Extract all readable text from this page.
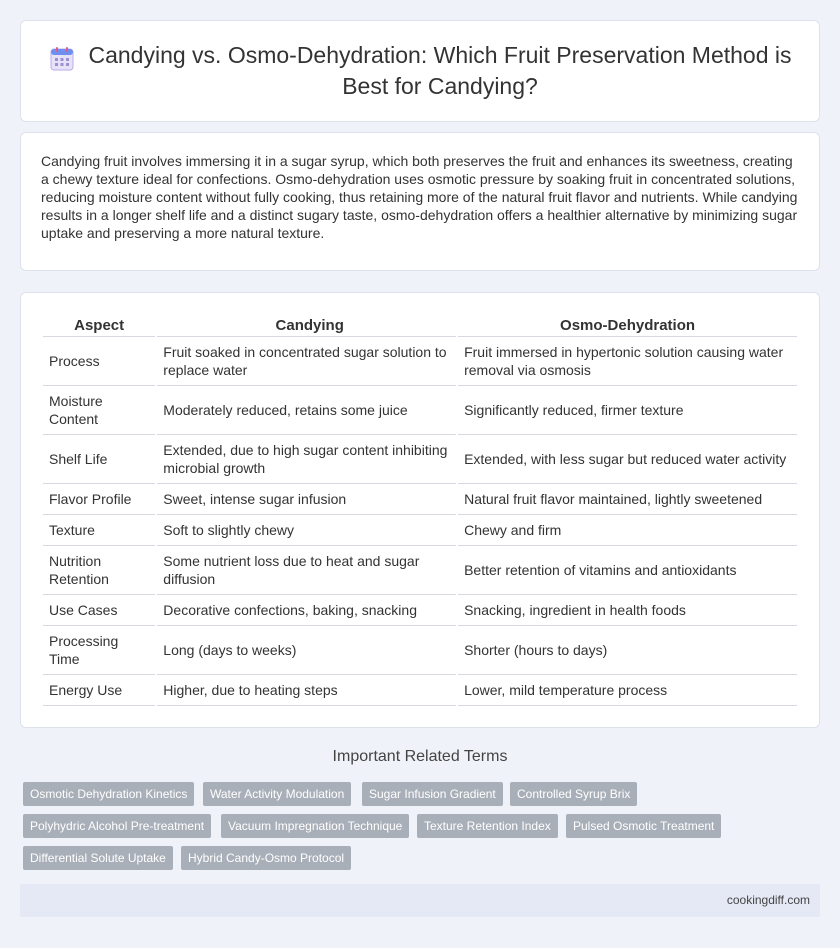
Candying vs. Osmo-Dehydration: Which Fruit Preservation Method is Best for Candying?

Candying fruit involves immersing it in a sugar syrup, which both preserves the fruit and enhances its sweetness, creating a chewy texture ideal for confections. Osmo-dehydration uses osmotic pressure by soaking fruit in concentrated solutions, reducing moisture content without fully cooking, thus retaining more of the natural fruit flavor and nutrients. While candying results in a longer shelf life and a distinct sugary taste, osmo-dehydration offers a healthier alternative by minimizing sugar uptake and preserving a more natural texture.

Aspect	Candying	Osmo-Dehydration
Process	Fruit soaked in concentrated sugar solution to replace water	Fruit immersed in hypertonic solution causing water removal via osmosis
Moisture Content	Moderately reduced, retains some juice	Significantly reduced, firmer texture
Shelf Life	Extended, due to high sugar content inhibiting microbial growth	Extended, with less sugar but reduced water activity
Flavor Profile	Sweet, intense sugar infusion	Natural fruit flavor maintained, lightly sweetened
Texture	Soft to slightly chewy	Chewy and firm
Nutrition Retention	Some nutrient loss due to heat and sugar diffusion	Better retention of vitamins and antioxidants
Use Cases	Decorative confections, baking, snacking	Snacking, ingredient in health foods
Processing Time	Long (days to weeks)	Shorter (hours to days)
Energy Use	Higher, due to heating steps	Lower, mild temperature process
Important Related Terms
Osmotic Dehydration Kinetics	Water Activity Modulation	Sugar Infusion Gradient	Controlled Syrup Brix
Polyhydric Alcohol Pre-treatment	Vacuum Impregnation Technique	Texture Retention Index	Pulsed Osmotic Treatment
Differential Solute Uptake	Hybrid Candy-Osmo Protocol
cookingdiff.com
